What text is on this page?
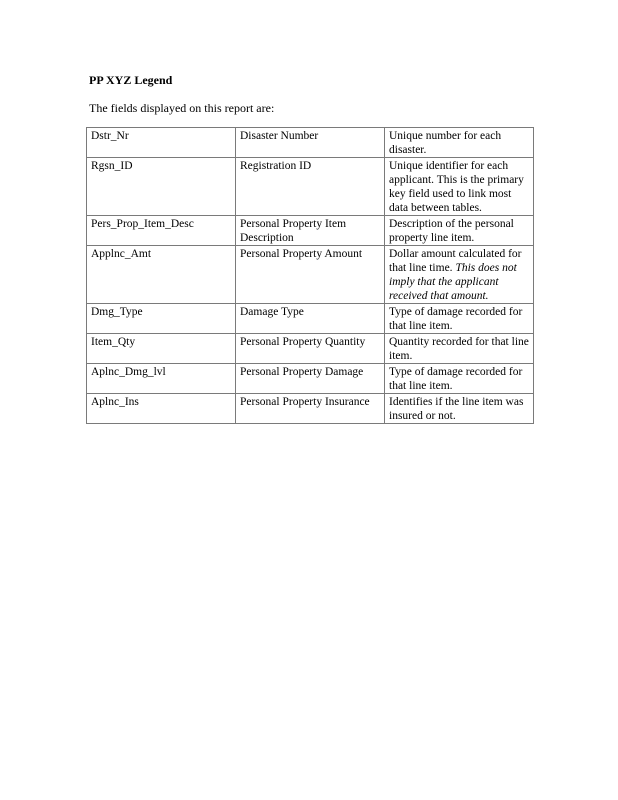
PP XYZ Legend
The fields displayed on this report are:
Dstr_Nr	Disaster Number	Unique number for each disaster.
Rgsn_ID	Registration ID	Unique identifier for each applicant. This is the primary key field used to link most data between tables.
Pers_Prop_Item_Desc	Personal Property Item Description	Description of the personal property line item.
Applnc_Amt	Personal Property Amount	Dollar amount calculated for that line time. This does not imply that the applicant received that amount.
Dmg_Type	Damage Type	Type of damage recorded for that line item.
Item_Qty	Personal Property Quantity	Quantity recorded for that line item.
Aplnc_Dmg_lvl	Personal Property Damage	Type of damage recorded for that line item.
Aplnc_Ins	Personal Property Insurance	Identifies if the line item was insured or not.
